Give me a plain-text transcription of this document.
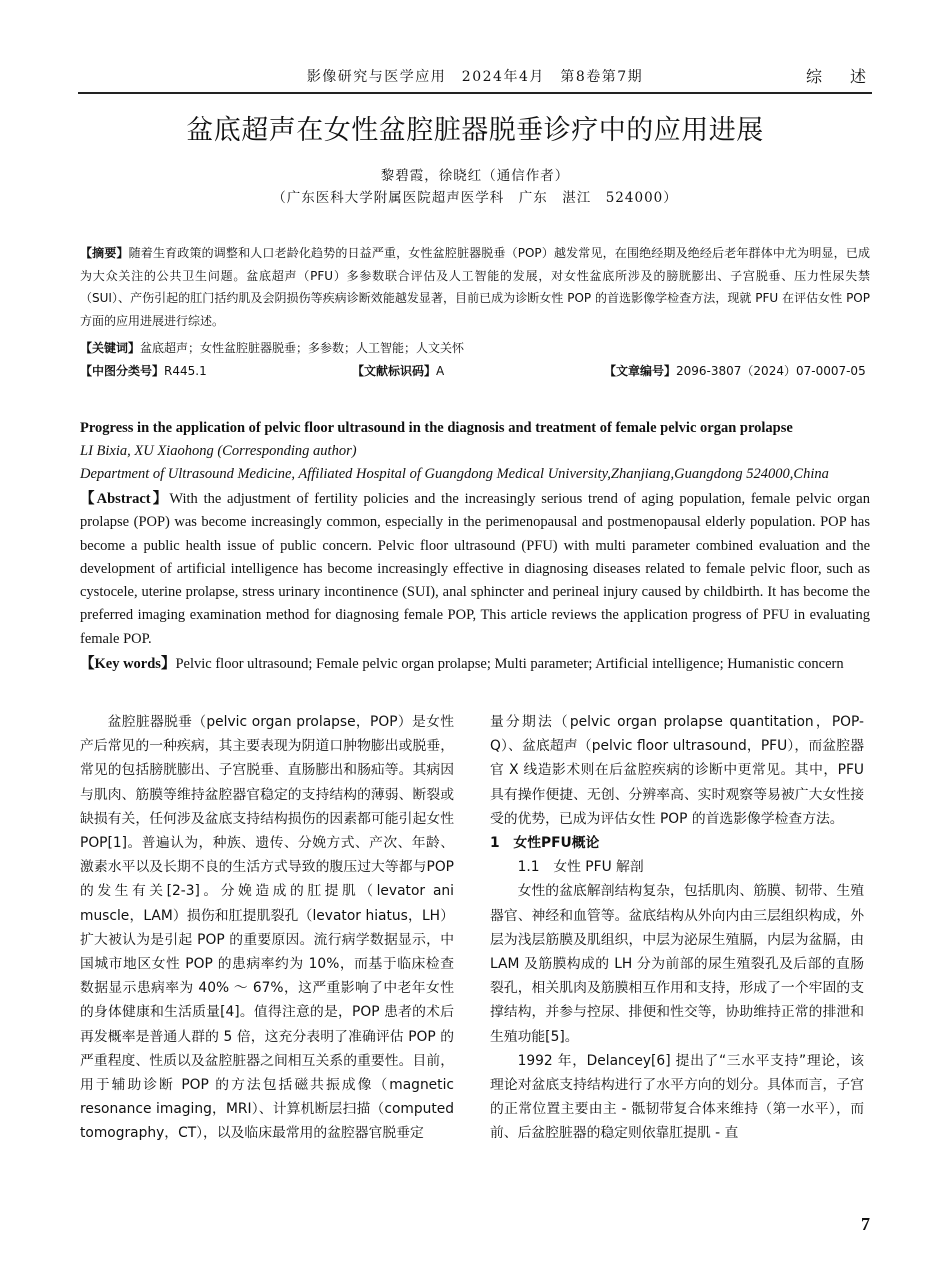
影像研究与医学应用　2024年4月　第8卷第7期	综　述
盆底超声在女性盆腔脏器脱垂诊疗中的应用进展
黎碧霞，徐晓红（通信作者）
（广东医科大学附属医院超声医学科　广东　湛江　524000）
【摘要】随着生育政策的调整和人口老龄化趋势的日益严重，女性盆腔脏器脱垂（POP）越发常见，在围绝经期及绝经后老年群体中尤为明显，已成为大众关注的公共卫生问题。盆底超声（PFU）多参数联合评估及人工智能的发展，对女性盆底所涉及的膀胱膨出、子宫脱垂、压力性尿失禁（SUI）、产伤引起的肛门括约肌及会阴损伤等疾病诊断效能越发显著，目前已成为诊断女性 POP 的首选影像学检查方法，现就 PFU 在评估女性 POP 方面的应用进展进行综述。
【关键词】盆底超声；女性盆腔脏器脱垂；多参数；人工智能；人文关怀
【中图分类号】R445.1	【文献标识码】A	【文章编号】2096-3807（2024）07-0007-05
Progress in the application of pelvic floor ultrasound in the diagnosis and treatment of female pelvic organ prolapse
LI Bixia, XU Xiaohong (Corresponding author)
Department of Ultrasound Medicine, Affiliated Hospital of Guangdong Medical University,Zhanjiang,Guangdong 524000,China
【Abstract】With the adjustment of fertility policies and the increasingly serious trend of aging population, female pelvic organ prolapse (POP) was become increasingly common, especially in the perimenopausal and postmenopausal elderly population. POP has become a public health issue of public concern. Pelvic floor ultrasound (PFU) with multi parameter combined evaluation and the development of artificial intelligence has become increasingly effective in diagnosing diseases related to female pelvic floor, such as cystocele, uterine prolapse, stress urinary incontinence (SUI), anal sphincter and perineal injury caused by childbirth. It has become the preferred imaging examination method for diagnosing female POP, This article reviews the application progress of PFU in evaluating female POP.
【Key words】Pelvic floor ultrasound; Female pelvic organ prolapse; Multi parameter; Artificial intelligence; Humanistic concern

盆腔脏器脱垂（pelvic organ prolapse，POP）是女性产后常见的一种疾病，其主要表现为阴道口肿物膨出或脱垂，常见的包括膀胱膨出、子宫脱垂、直肠膨出和肠疝等。其病因与肌肉、筋膜等维持盆腔器官稳定的支持结构的薄弱、断裂或缺损有关，任何涉及盆底支持结构损伤的因素都可能引起女性 POP[1]。普遍认为，种族、遗传、分娩方式、产次、年龄、激素水平以及长期不良的生活方式导致的腹压过大等都与POP的发生有关[2-3]。分娩造成的肛提肌（levator ani muscle，LAM）损伤和肛提肌裂孔（levator hiatus，LH）扩大被认为是引起 POP 的重要原因。流行病学数据显示，中国城市地区女性 POP 的患病率约为 10%，而基于临床检查数据显示患病率为 40% ～ 67%，这严重影响了中老年女性的身体健康和生活质量[4]。值得注意的是，POP 患者的术后再发概率是普通人群的 5 倍，这充分表明了准确评估 POP 的严重程度、性质以及盆腔脏器之间相互关系的重要性。目前，用于辅助诊断 POP 的方法包括磁共振成像（magnetic resonance imaging，MRI）、计算机断层扫描（computed tomography，CT），以及临床最常用的盆腔器官脱垂定

量分期法（pelvic organ prolapse quantitation，POP-Q）、盆底超声（pelvic floor ultrasound，PFU），而盆腔器官 X 线造影术则在后盆腔疾病的诊断中更常见。其中，PFU 具有操作便捷、无创、分辨率高、实时观察等易被广大女性接受的优势，已成为评估女性 POP 的首选影像学检查方法。

1　女性PFU概论
1.1　女性 PFU 解剖

女性的盆底解剖结构复杂，包括肌肉、筋膜、韧带、生殖器官、神经和血管等。盆底结构从外向内由三层组织构成，外层为浅层筋膜及肌组织，中层为泌尿生殖膈，内层为盆膈，由 LAM 及筋膜构成的 LH 分为前部的尿生殖裂孔及后部的直肠裂孔，相关肌肉及筋膜相互作用和支持，形成了一个牢固的支撑结构，并参与控尿、排便和性交等，协助维持正常的排泄和生殖功能[5]。

1992 年，Delancey[6] 提出了“三水平支持”理论，该理论对盆底支持结构进行了水平方向的划分。具体而言，子宫的正常位置主要由主 - 骶韧带复合体来维持（第一水平），而前、后盆腔脏器的稳定则依靠肛提肌 - 直

7
